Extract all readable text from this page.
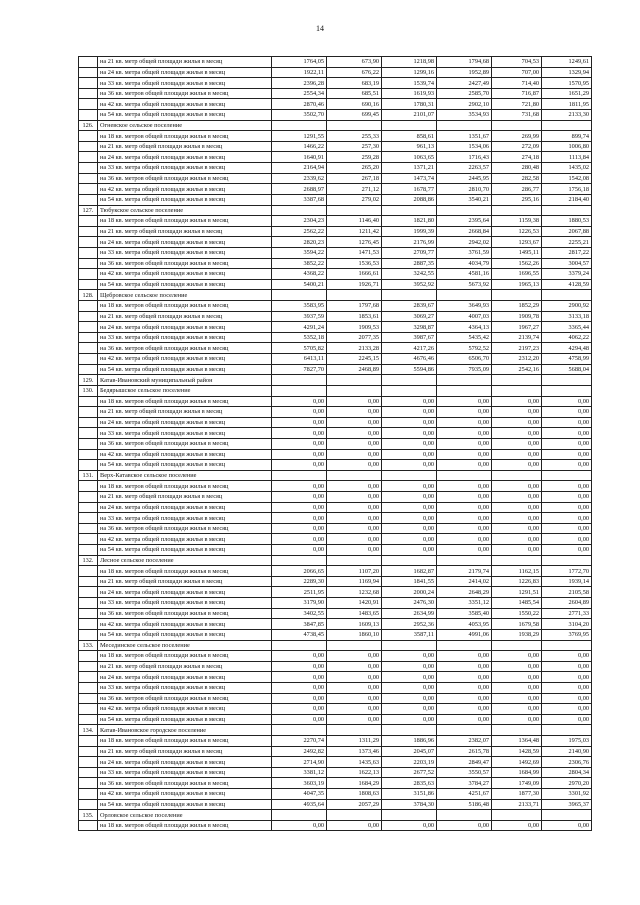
14
	на 21 кв. метр общей площади жилья в месяц	1764,05	673,90	1218,98	1794,68	704,53	1249,61
	на 24 кв. метра общей площади жилья в месяц	1922,11	676,22	1299,16	1952,89	707,00	1329,94
	на 33 кв. метра общей площади жилья в месяц	2396,28	683,19	1539,74	2427,49	714,40	1570,95
	на 36 кв. метров общей площади жилья в месяц	2554,34	685,51	1619,93	2585,70	716,87	1651,29
	на 42 кв. метра общей площади жилья в месяц	2870,46	690,16	1780,31	2902,10	721,80	1811,95
	на 54 кв. метра общей площади жилья в месяц	3502,70	699,45	2101,07	3534,93	731,68	2133,30
126.	Огневское сельское поселение						
	на 18 кв. метров общей площади жилья в месяц	1291,55	255,33	858,61	1351,67	269,99	899,74
	на 21 кв. метр общей площади жилья в месяц	1466,22	257,30	961,13	1534,06	272,09	1006,80
	на 24 кв. метра общей площади жилья в месяц	1640,91	259,28	1063,65	1716,43	274,18	1113,84
	на 33 кв. метра общей площади жилья в месяц	2164,94	265,20	1371,21	2263,57	280,48	1435,02
	на 36 кв. метров общей площади жилья в месяц	2339,62	267,18	1473,74	2445,95	282,58	1542,08
	на 42 кв. метра общей площади жилья в месяц	2688,97	271,12	1678,77	2810,70	286,77	1756,18
	на 54 кв. метра общей площади жилья в месяц	3387,68	279,02	2088,86	3540,21	295,16	2184,40
127.	Тюбукское сельское поселение						
	на 18 кв. метров общей площади жилья в месяц	2304,23	1146,40	1821,80	2395,64	1159,38	1880,53
	на 21 кв. метр общей площади жилья в месяц	2562,22	1211,42	1999,39	2668,84	1226,53	2067,88
	на 24 кв. метра общей площади жилья в месяц	2820,23	1276,45	2176,99	2942,02	1293,67	2255,21
	на 33 кв. метра общей площади жилья в месяц	3594,22	1471,53	2709,77	3761,59	1495,11	2817,22
	на 36 кв. метров общей площади жилья в месяц	3852,22	1536,53	2887,35	4034,79	1562,26	3004,57
	на 42 кв. метра общей площади жилья в месяц	4368,22	1666,61	3242,55	4581,16	1696,55	3379,24
	на 54 кв. метра общей площади жилья в месяц	5400,21	1926,71	3952,92	5673,92	1965,13	4128,59
128.	Щебровское сельское поселение						
	на 18 кв. метров общей площади жилья в месяц	3583,95	1797,68	2839,67	3649,93	1852,29	2900,92
	на 21 кв. метр общей площади жилья в месяц	3937,59	1853,61	3069,27	4007,03	1909,78	3133,18
	на 24 кв. метра общей площади жилья в месяц	4291,24	1909,53	3298,87	4364,13	1967,27	3365,44
	на 33 кв. метра общей площади жилья в месяц	5352,18	2077,35	3987,67	5435,42	2139,74	4062,22
	на 36 кв. метров общей площади жилья в месяц	5705,82	2133,28	4217,26	5792,52	2197,23	4294,48
	на 42 кв. метра общей площади жилья в месяц	6413,11	2245,15	4676,46	6506,70	2312,20	4758,99
	на 54 кв. метра общей площади жилья в месяц	7827,70	2468,89	5594,86	7935,09	2542,16	5688,04
129.	Катав-Ивановский муниципальный район						
130.	Бедярышское сельское поселение						
	на 18 кв. метров общей площади жилья в месяц	0,00	0,00	0,00	0,00	0,00	0,00
	на 21 кв. метр общей площади жилья в месяц	0,00	0,00	0,00	0,00	0,00	0,00
	на 24 кв. метра общей площади жилья в месяц	0,00	0,00	0,00	0,00	0,00	0,00
	на 33 кв. метра общей площади жилья в месяц	0,00	0,00	0,00	0,00	0,00	0,00
	на 36 кв. метров общей площади жилья в месяц	0,00	0,00	0,00	0,00	0,00	0,00
	на 42 кв. метра общей площади жилья в месяц	0,00	0,00	0,00	0,00	0,00	0,00
	на 54 кв. метра общей площади жилья в месяц	0,00	0,00	0,00	0,00	0,00	0,00
131.	Верх-Катавское сельское поселение						
	на 18 кв. метров общей площади жилья в месяц	0,00	0,00	0,00	0,00	0,00	0,00
	на 21 кв. метр общей площади жилья в месяц	0,00	0,00	0,00	0,00	0,00	0,00
	на 24 кв. метра общей площади жилья в месяц	0,00	0,00	0,00	0,00	0,00	0,00
	на 33 кв. метра общей площади жилья в месяц	0,00	0,00	0,00	0,00	0,00	0,00
	на 36 кв. метров общей площади жилья в месяц	0,00	0,00	0,00	0,00	0,00	0,00
	на 42 кв. метра общей площади жилья в месяц	0,00	0,00	0,00	0,00	0,00	0,00
	на 54 кв. метра общей площади жилья в месяц	0,00	0,00	0,00	0,00	0,00	0,00
132.	Лесное сельское поселение						
	на 18 кв. метров общей площади жилья в месяц	2066,65	1107,20	1682,87	2179,74	1162,15	1772,70
	на 21 кв. метр общей площади жилья в месяц	2289,30	1169,94	1841,55	2414,02	1226,83	1939,14
	на 24 кв. метра общей площади жилья в месяц	2511,95	1232,68	2000,24	2648,29	1291,51	2105,58
	на 33 кв. метра общей площади жилья в месяц	3179,90	1420,91	2476,30	3351,12	1485,54	2604,89
	на 36 кв. метров общей площади жилья в месяц	3402,55	1483,65	2634,99	3585,40	1550,22	2771,33
	на 42 кв. метра общей площади жилья в месяц	3847,85	1609,13	2952,36	4053,95	1679,58	3104,20
	на 54 кв. метра общей площади жилья в месяц	4738,45	1860,10	3587,11	4991,06	1938,29	3769,95
133.	Месединское сельское поселение						
	на 18 кв. метров общей площади жилья в месяц	0,00	0,00	0,00	0,00	0,00	0,00
	на 21 кв. метр общей площади жилья в месяц	0,00	0,00	0,00	0,00	0,00	0,00
	на 24 кв. метра общей площади жилья в месяц	0,00	0,00	0,00	0,00	0,00	0,00
	на 33 кв. метра общей площади жилья в месяц	0,00	0,00	0,00	0,00	0,00	0,00
	на 36 кв. метров общей площади жилья в месяц	0,00	0,00	0,00	0,00	0,00	0,00
	на 42 кв. метра общей площади жилья в месяц	0,00	0,00	0,00	0,00	0,00	0,00
	на 54 кв. метра общей площади жилья в месяц	0,00	0,00	0,00	0,00	0,00	0,00
134.	Катав-Ивановское городское поселение						
	на 18 кв. метров общей площади жилья в месяц	2270,74	1311,29	1886,96	2382,07	1364,48	1975,03
	на 21 кв. метр общей площади жилья в месяц	2492,82	1373,46	2045,07	2615,78	1428,59	2140,90
	на 24 кв. метра общей площади жилья в месяц	2714,90	1435,63	2203,19	2849,47	1492,69	2306,76
	на 33 кв. метра общей площади жилья в месяц	3381,12	1622,13	2677,52	3550,57	1684,99	2804,34
	на 36 кв. метров общей площади жилья в месяц	3603,19	1684,29	2835,63	3784,27	1749,09	2970,20
	на 42 кв. метра общей площади жилья в месяц	4047,35	1808,63	3151,86	4251,67	1877,30	3301,92
	на 54 кв. метра общей площади жилья в месяц	4935,64	2057,29	3784,30	5186,48	2133,71	3965,37
135.	Орловское сельское поселение						
	на 18 кв. метров общей площади жилья в месяц	0,00	0,00	0,00	0,00	0,00	0,00
